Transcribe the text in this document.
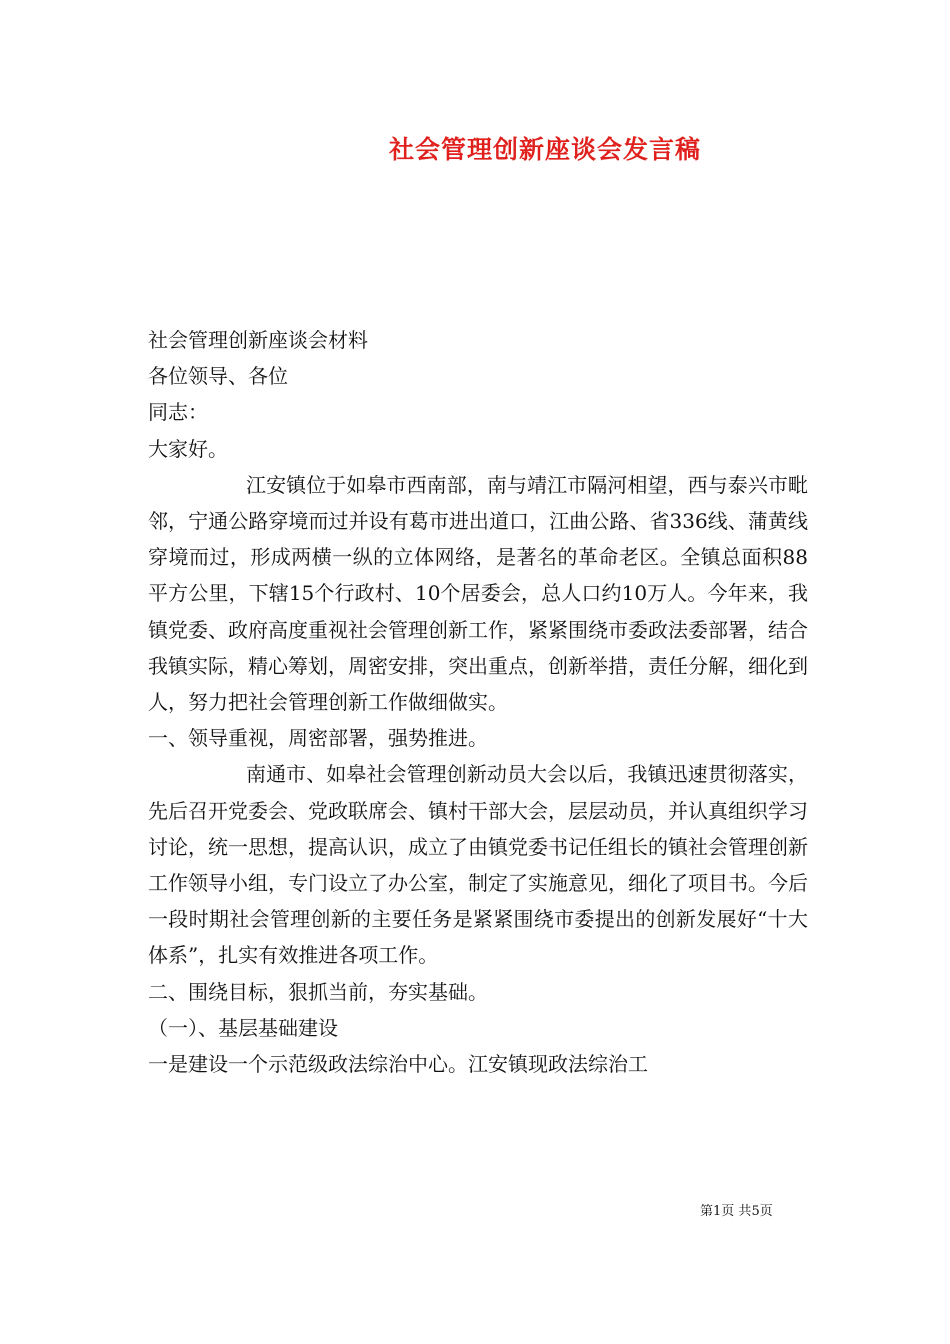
社会管理创新座谈会发言稿

社会管理创新座谈会材料

各位领导、各位

同志：

大家好。

江安镇位于如皋市西南部，南与靖江市隔河相望，西与泰兴市毗邻，宁通公路穿境而过并设有葛市进出道口，江曲公路、省336线、蒲黄线穿境而过，形成两横一纵的立体网络，是著名的革命老区。全镇总面积88平方公里，下辖15个行政村、10个居委会，总人口约10万人。今年来，我镇党委、政府高度重视社会管理创新工作，紧紧围绕市委政法委部署，结合我镇实际，精心筹划，周密安排，突出重点，创新举措，责任分解，细化到人，努力把社会管理创新工作做细做实。

一、领导重视，周密部署，强势推进。

南通市、如皋社会管理创新动员大会以后，我镇迅速贯彻落实，先后召开党委会、党政联席会、镇村干部大会，层层动员，并认真组织学习讨论，统一思想，提高认识，成立了由镇党委书记任组长的镇社会管理创新工作领导小组，专门设立了办公室，制定了实施意见，细化了项目书。今后一段时期社会管理创新的主要任务是紧紧围绕市委提出的创新发展好“十大体系”，扎实有效推进各项工作。

二、围绕目标，狠抓当前，夯实基础。

（一）、基层基础建设

一是建设一个示范级政法综治中心。江安镇现政法综治工

第1页 共5页
